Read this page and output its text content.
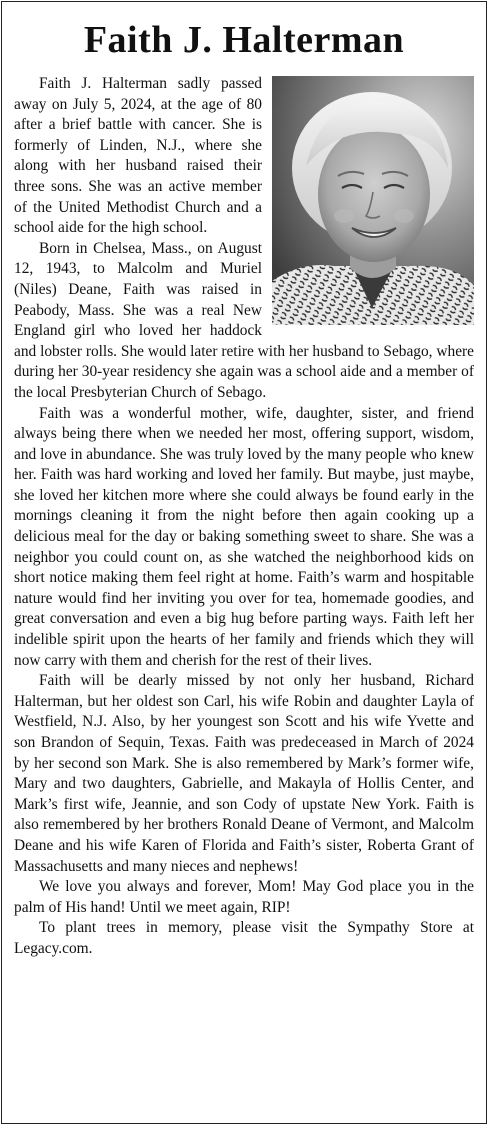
Faith J. Halterman

Faith J. Halterman sadly passed away on July 5, 2024, at the age of 80 after a brief battle with cancer. She is formerly of Linden, N.J., where she along with her husband raised their three sons. She was an active member of the United Methodist Church and a school aide for the high school.

Born in Chelsea, Mass., on August 12, 1943, to Malcolm and Muriel (Niles) Deane, Faith was raised in Peabody, Mass. She was a real New England girl who loved her haddock and lobster rolls. She would later retire with her husband to Sebago, where during her 30-year residency she again was a school aide and a member of the local Presbyterian Church of Sebago.

Faith was a wonderful mother, wife, daughter, sister, and friend always being there when we needed her most, offering support, wisdom, and love in abundance. She was truly loved by the many people who knew her. Faith was hard working and loved her family. But maybe, just maybe, she loved her kitchen more where she could always be found early in the mornings cleaning it from the night before then again cooking up a delicious meal for the day or baking something sweet to share. She was a neighbor you could count on, as she watched the neighborhood kids on short notice making them feel right at home. Faith’s warm and hospitable nature would find her inviting you over for tea, homemade goodies, and great conversation and even a big hug before parting ways. Faith left her indelible spirit upon the hearts of her family and friends which they will now carry with them and cherish for the rest of their lives.

Faith will be dearly missed by not only her husband, Richard Halterman, but her oldest son Carl, his wife Robin and daughter Layla of Westfield, N.J. Also, by her youngest son Scott and his wife Yvette and son Brandon of Sequin, Texas. Faith was predeceased in March of 2024 by her second son Mark. She is also remembered by Mark’s former wife, Mary and two daughters, Gabrielle, and Makayla of Hollis Center, and Mark’s first wife, Jeannie, and son Cody of upstate New York. Faith is also remembered by her brothers Ronald Deane of Vermont, and Malcolm Deane and his wife Karen of Florida and Faith’s sister, Roberta Grant of Massachusetts and many nieces and nephews!

We love you always and forever, Mom! May God place you in the palm of His hand! Until we meet again, RIP!

To plant trees in memory, please visit the Sympathy Store at Legacy.com.
